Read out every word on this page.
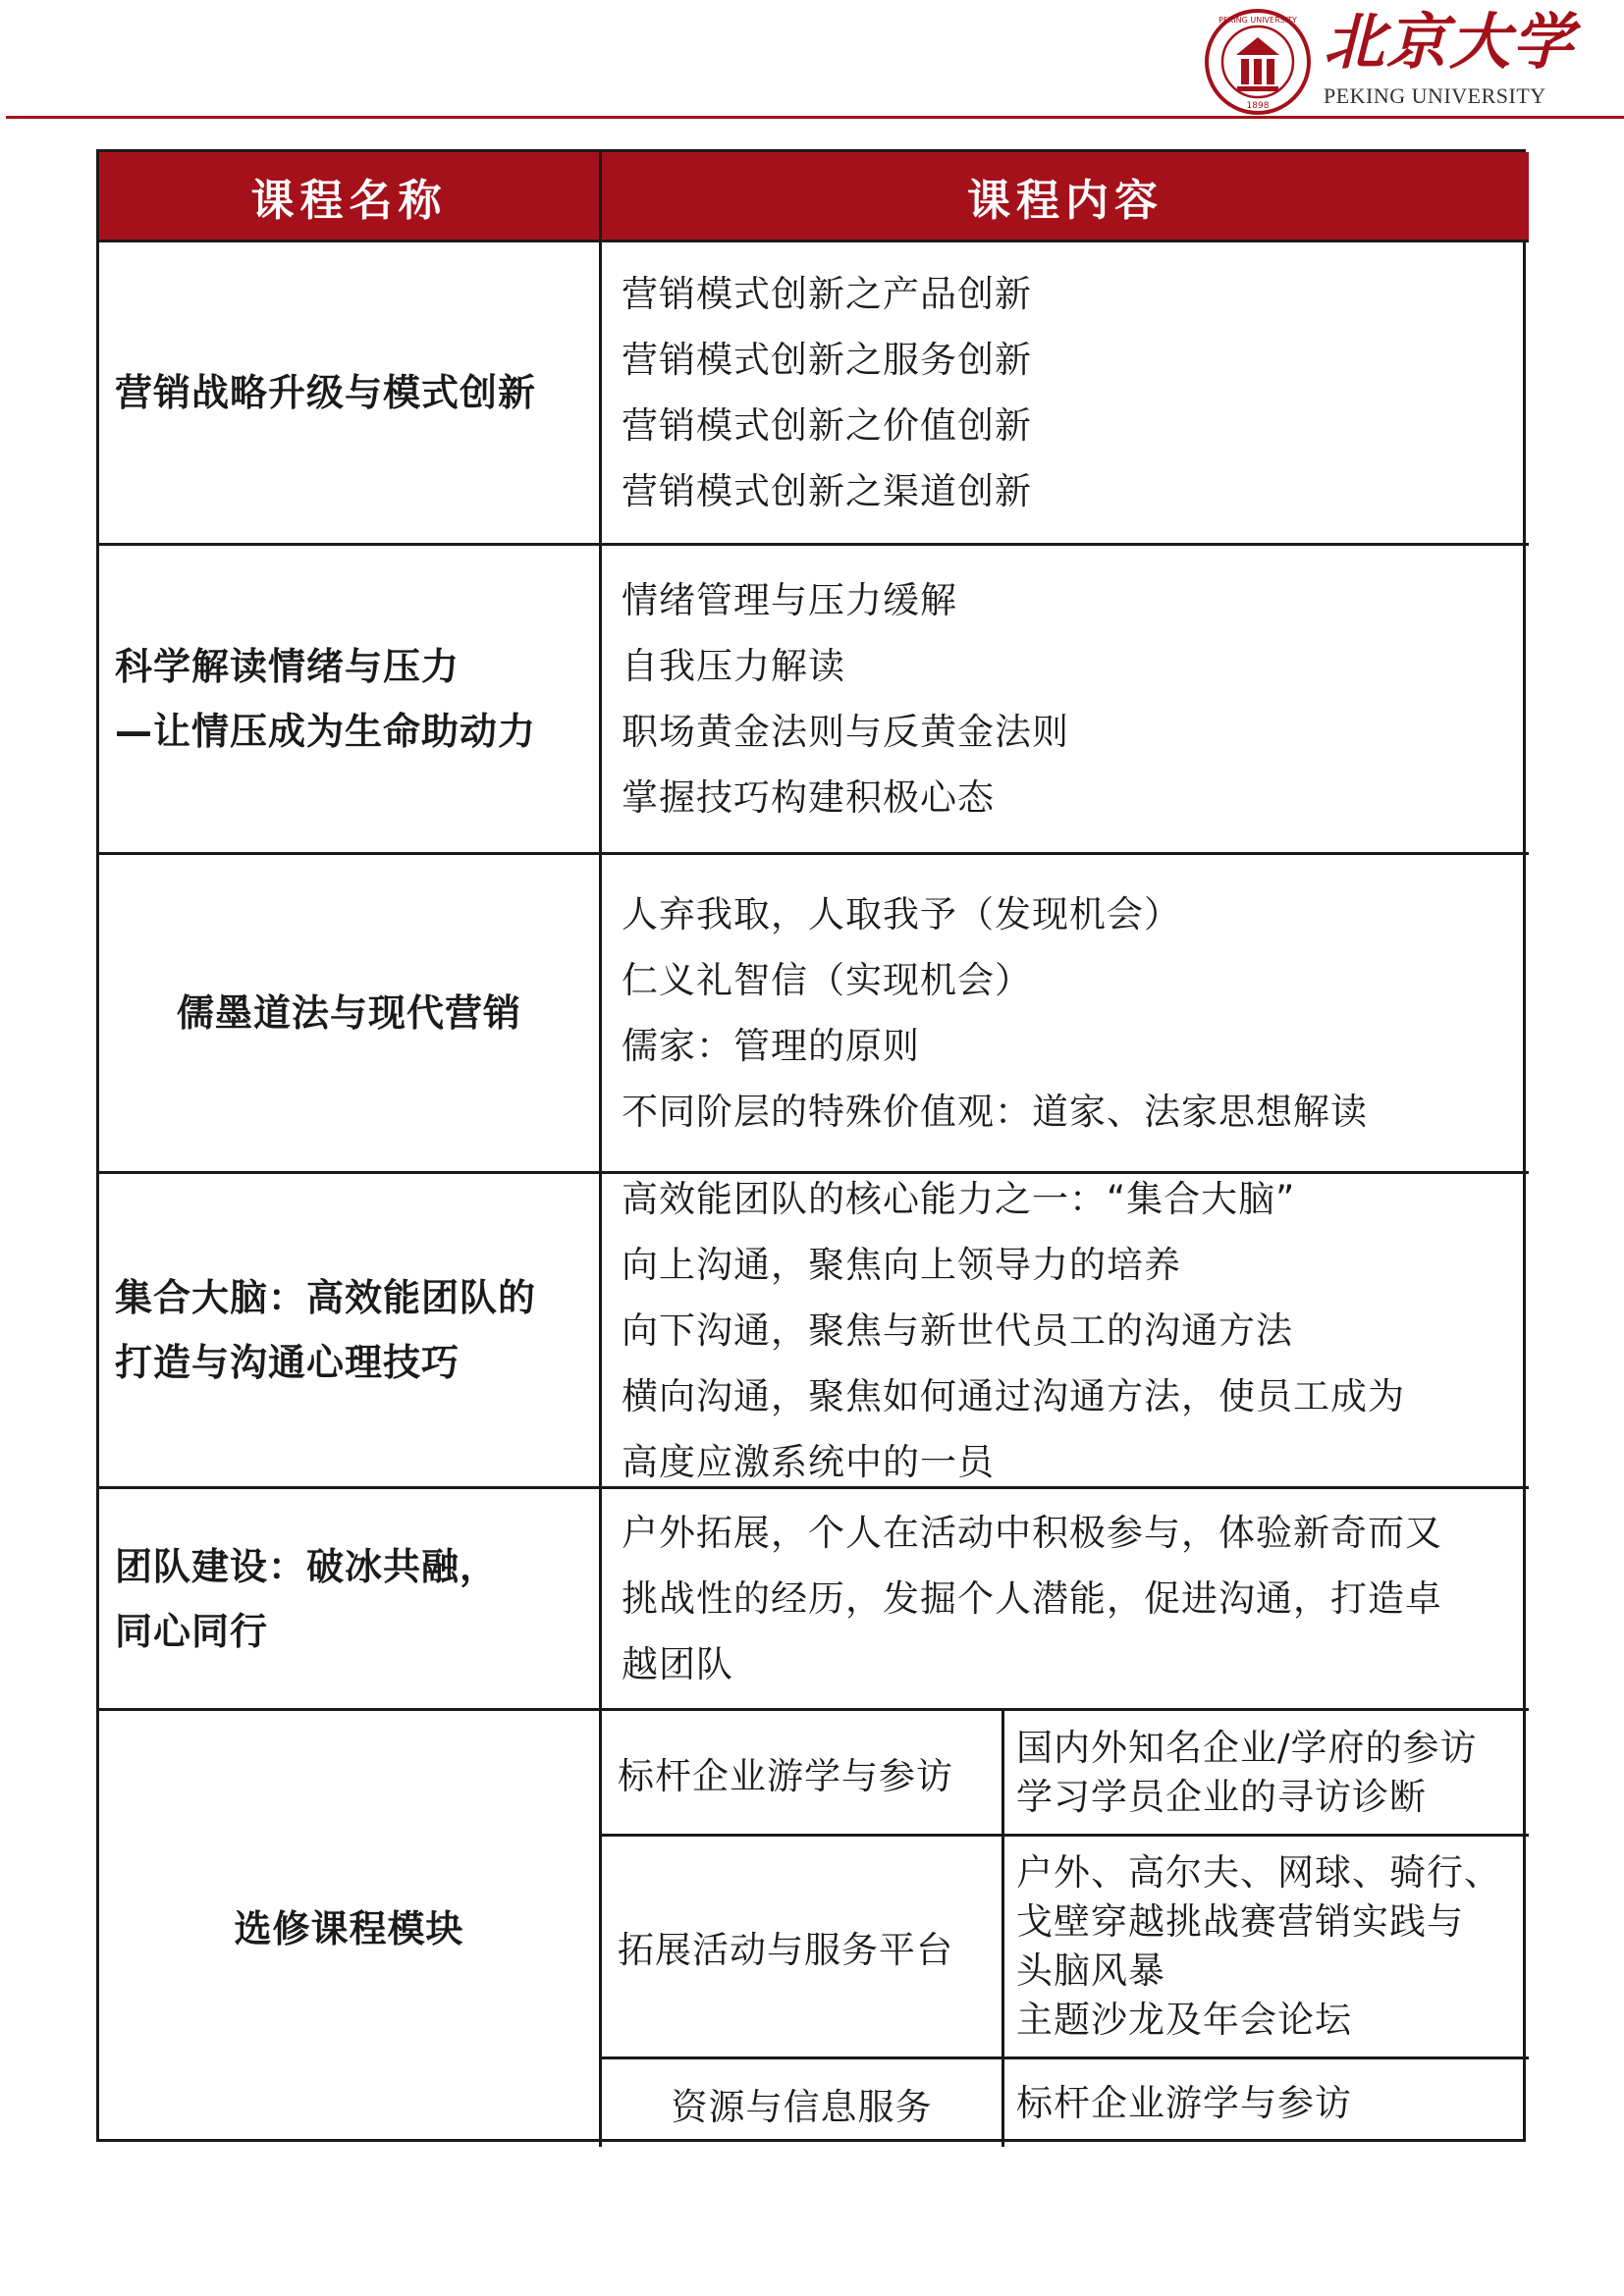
PEKING UNIVERSITY
1898
北京大学
PEKING UNIVERSITY
课程名称	课程内容
营销战略升级与模式创新
营销模式创新之产品创新
营销模式创新之服务创新
营销模式创新之价值创新
营销模式创新之渠道创新
科学解读情绪与压力
—让情压成为生命助动力
情绪管理与压力缓解
自我压力解读
职场黄金法则与反黄金法则
掌握技巧构建积极心态
儒墨道法与现代营销
人弃我取，人取我予（发现机会）
仁义礼智信（实现机会）
儒家：管理的原则
不同阶层的特殊价值观：道家、法家思想解读
集合大脑：高效能团队的
打造与沟通心理技巧
高效能团队的核心能力之一：“集合大脑”
向上沟通，聚焦向上领导力的培养
向下沟通，聚焦与新世代员工的沟通方法
横向沟通，聚焦如何通过沟通方法，使员工成为
高度应激系统中的一员
团队建设：破冰共融，
同心同行
户外拓展，个人在活动中积极参与，体验新奇而又
挑战性的经历，发掘个人潜能，促进沟通，打造卓
越团队
选修课程模块
标杆企业游学与参访
国内外知名企业/学府的参访
学习学员企业的寻访诊断
拓展活动与服务平台
户外、高尔夫、网球、骑行、
戈壁穿越挑战赛营销实践与
头脑风暴
主题沙龙及年会论坛
资源与信息服务	标杆企业游学与参访
